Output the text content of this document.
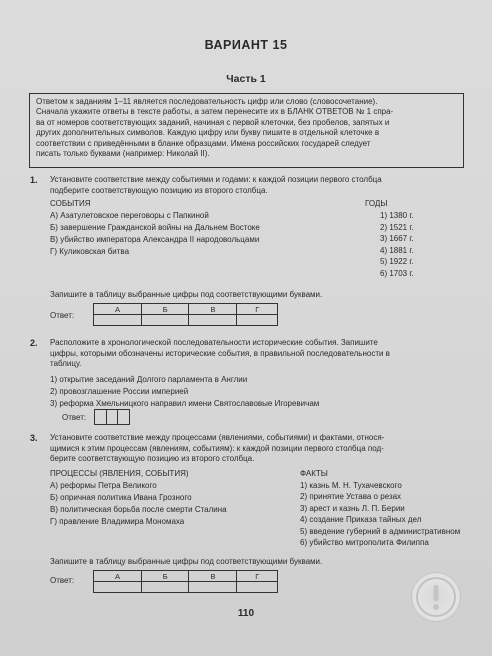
ВАРИАНТ 15
Часть 1
Ответом к заданиям 1–11 является последовательность цифр или слово (словосочетание).
Сначала укажите ответы в тексте работы, а затем перенесите их в БЛАНК ОТВЕТОВ № 1 спра-
ва от номеров соответствующих заданий, начиная с первой клеточки, без пробелов, запятых и
других дополнительных символов. Каждую цифру или букву пишите в отдельной клеточке в
соответствии с приведёнными в бланке образцами. Имена российских государей следует
писать только буквами (например: Николай II).
1. Установите соответствие между событиями и годами: к каждой позиции первого столбца
подберите соответствующую позицию из второго столбца.
СОБЫТИЯ	ГОДЫ
А) Азатулетовское переговоры с Папкиной
Б) завершение Гражданской войны на Дальнем Востоке
В) убийство императора Александра II народовольцами
Г) Куликовская битва
1) 1380 г.
2) 1521 г.
3) 1667 г.
4) 1881 г.
5) 1922 г.
6) 1703 г.
Запишите в таблицу выбранные цифры под соответствующими буквами.
Ответ:
А	Б	В	Г

2. Расположите в хронологической последовательности исторические события. Запишите
цифры, которыми обозначены исторические события, в правильной последовательности в
таблицу.
1) открытие заседаний Долгого парламента в Англии
2) провозглашение России империей
3) реформа Хмельницкого направил имени Святославовые Игоревичам
Ответ:

3. Установите соответствие между процессами (явлениями, событиями) и фактами, относя-
щимися к этим процессам (явлениям, событиям): к каждой позиции первого столбца под-
берите соответствующую позицию из второго столбца.
ПРОЦЕССЫ (ЯВЛЕНИЯ, СОБЫТИЯ)	ФАКТЫ
А) реформы Петра Великого
Б) опричная политика Ивана Грозного
В) политическая борьба после смерти Сталина
Г) правление Владимира Мономаха
1) казнь М. Н. Тухачевского
2) принятие Устава о резах
3) арест и казнь Л. П. Берии
4) создание Приказа тайных дел
5) введение губерний в административном
6) убийство митрополита Филиппа
Запишите в таблицу выбранные цифры под соответствующими буквами.
Ответ:	А	Б	В	Г

110
